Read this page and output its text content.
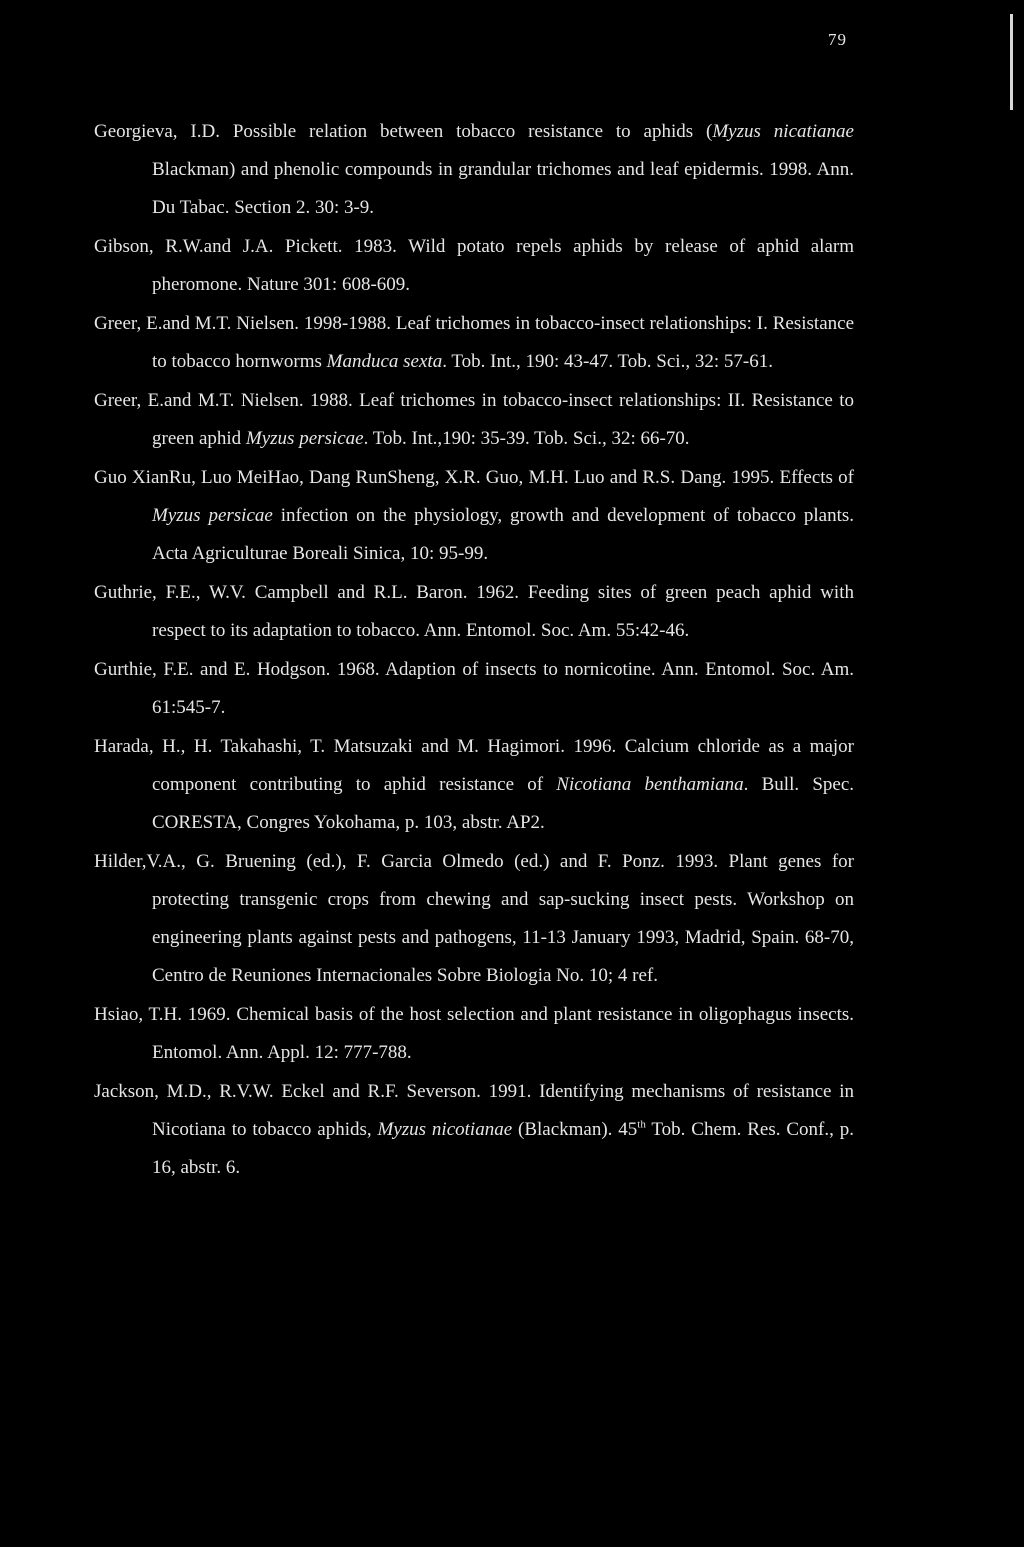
79

Georgieva, I.D. Possible relation between tobacco resistance to aphids (Myzus nicatianae Blackman) and phenolic compounds in grandular trichomes and leaf epidermis. 1998. Ann. Du Tabac. Section 2. 30: 3-9.

Gibson, R.W.and J.A. Pickett. 1983. Wild potato repels aphids by release of aphid alarm pheromone. Nature 301: 608-609.

Greer, E.and M.T. Nielsen. 1998-1988. Leaf trichomes in tobacco-insect relationships: I. Resistance to tobacco hornworms Manduca sexta. Tob. Int., 190: 43-47. Tob. Sci., 32: 57-61.

Greer, E.and M.T. Nielsen. 1988. Leaf trichomes in tobacco-insect relationships: II. Resistance to green aphid Myzus persicae. Tob. Int.,190: 35-39. Tob. Sci., 32: 66-70.

Guo XianRu, Luo MeiHao, Dang RunSheng, X.R. Guo, M.H. Luo and R.S. Dang. 1995. Effects of Myzus persicae infection on the physiology, growth and development of tobacco plants. Acta Agriculturae Boreali Sinica, 10: 95-99.

Guthrie, F.E., W.V. Campbell and R.L. Baron. 1962. Feeding sites of green peach aphid with respect to its adaptation to tobacco. Ann. Entomol. Soc. Am. 55:42-46.

Gurthie, F.E. and E. Hodgson. 1968. Adaption of insects to nornicotine. Ann. Entomol. Soc. Am. 61:545-7.

Harada, H., H. Takahashi, T. Matsuzaki and M. Hagimori. 1996. Calcium chloride as a major component contributing to aphid resistance of Nicotiana benthamiana. Bull. Spec. CORESTA, Congres Yokohama, p. 103, abstr. AP2.

Hilder,V.A., G. Bruening (ed.), F. Garcia Olmedo (ed.) and F. Ponz. 1993. Plant genes for protecting transgenic crops from chewing and sap-sucking insect pests. Workshop on engineering plants against pests and pathogens, 11-13 January 1993, Madrid, Spain. 68-70, Centro de Reuniones Internacionales Sobre Biologia No. 10; 4 ref.

Hsiao, T.H. 1969. Chemical basis of the host selection and plant resistance in oligophagus insects. Entomol. Ann. Appl. 12: 777-788.

Jackson, M.D., R.V.W. Eckel and R.F. Severson. 1991. Identifying mechanisms of resistance in Nicotiana to tobacco aphids, Myzus nicotianae (Blackman). 45th Tob. Chem. Res. Conf., p. 16, abstr. 6.
